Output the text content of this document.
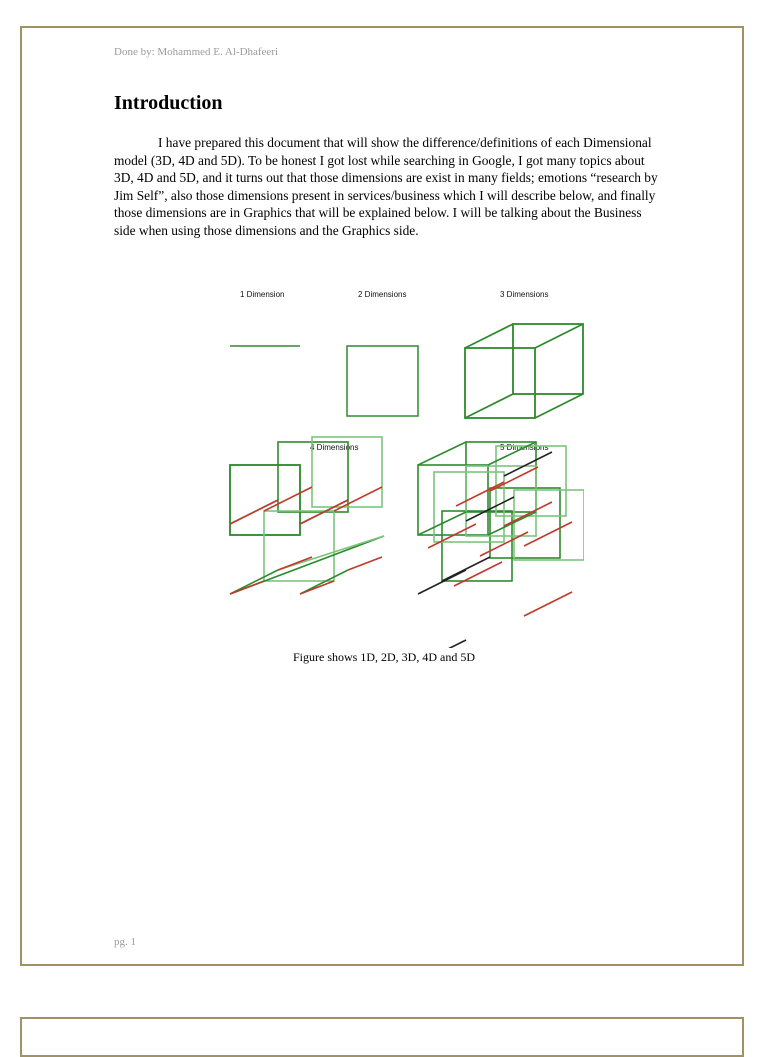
Done by: Mohammed E. Al-Dhafeeri
Introduction

I have prepared this document that will show the difference/definitions of each Dimensional model (3D, 4D and 5D). To be honest I got lost while searching in Google, I got many topics about 3D, 4D and 5D, and it turns out that those dimensions are exist in many fields; emotions “research by Jim Self”, also those dimensions present in services/business which I will describe below, and finally those dimensions are in Graphics that will be explained below. I will be talking about the Business side when using those dimensions and the Graphics side.

1 Dimension	2 Dimensions	3 Dimensions
4 Dimensions	5 Dimensions
Figure shows 1D, 2D, 3D, 4D and 5D
pg. 1
